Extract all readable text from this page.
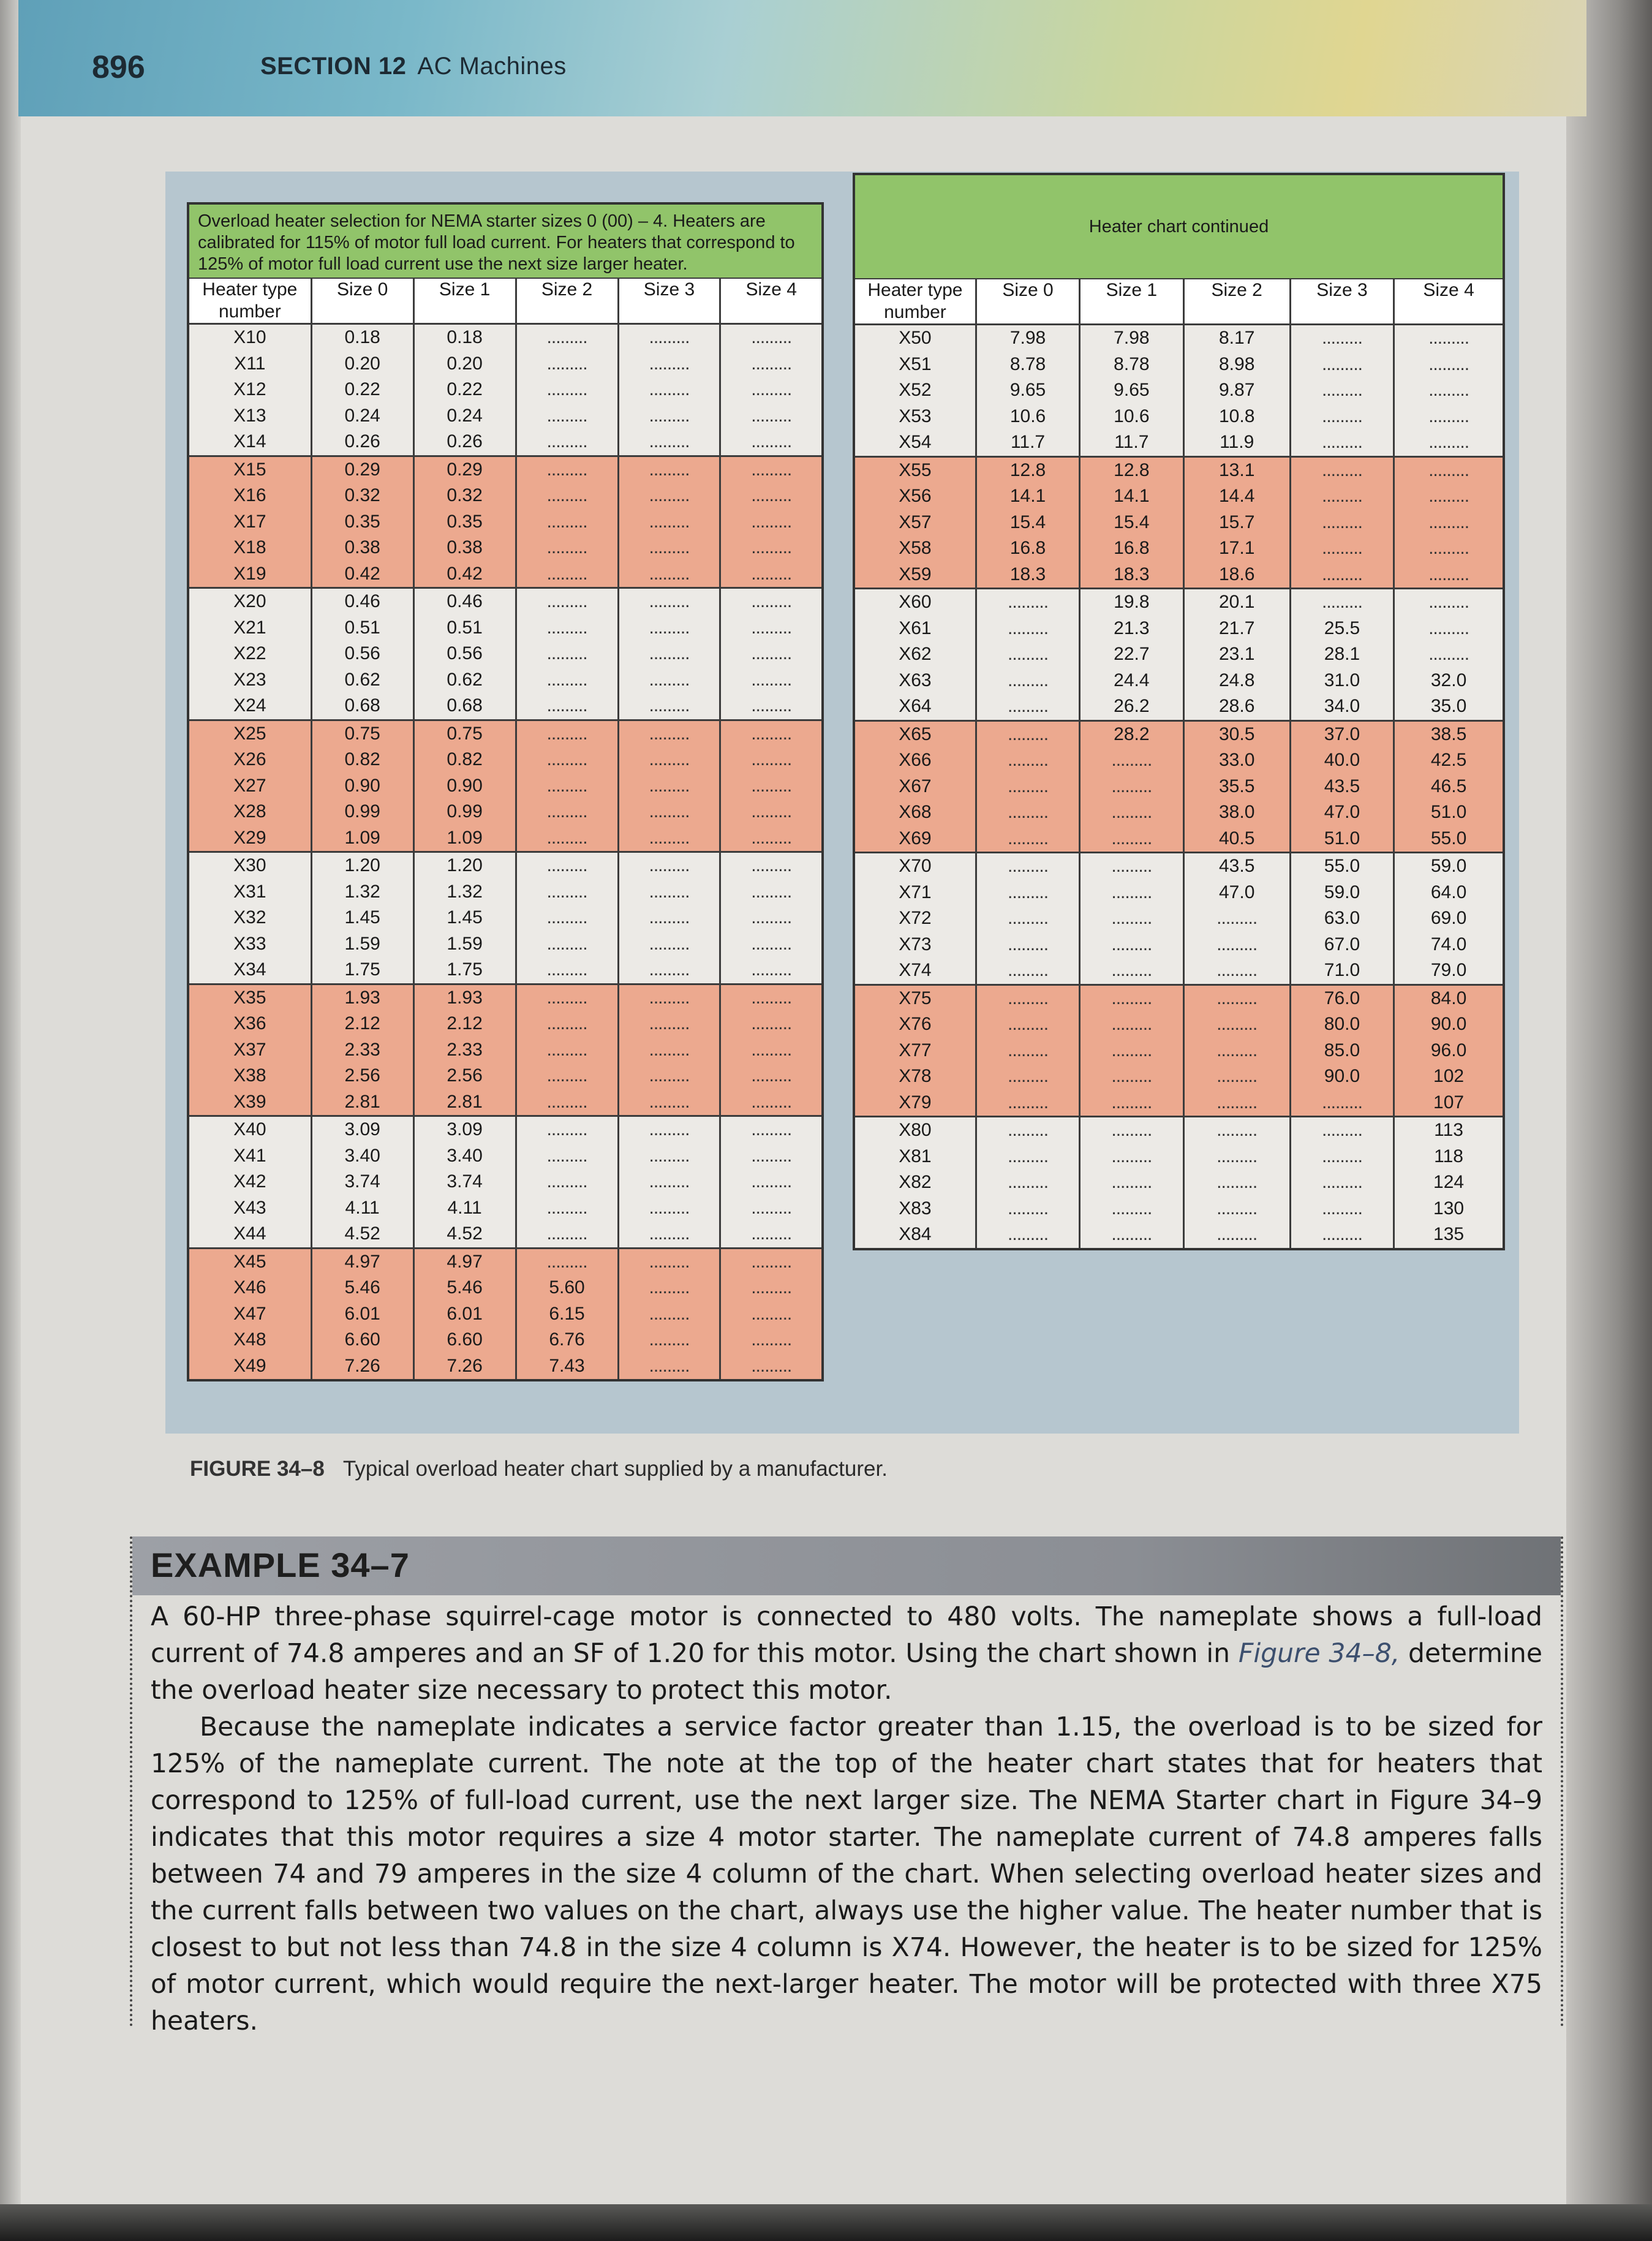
896	SECTION 12 AC Machines
Overload heater selection for NEMA starter sizes 0 (00) – 4. Heaters are calibrated for 115% of motor full load current. For heaters that correspond to 125% of motor full load current use the next size larger heater.					
Heater type number	Size 0	Size 1	Size 2	Size 3	Size 4
X10	0.18	0.18	.........	.........	.........
X11	0.20	0.20	.........	.........	.........
X12	0.22	0.22	.........	.........	.........
X13	0.24	0.24	.........	.........	.........
X14	0.26	0.26	.........	.........	.........
X15	0.29	0.29	.........	.........	.........
X16	0.32	0.32	.........	.........	.........
X17	0.35	0.35	.........	.........	.........
X18	0.38	0.38	.........	.........	.........
X19	0.42	0.42	.........	.........	.........
X20	0.46	0.46	.........	.........	.........
X21	0.51	0.51	.........	.........	.........
X22	0.56	0.56	.........	.........	.........
X23	0.62	0.62	.........	.........	.........
X24	0.68	0.68	.........	.........	.........
X25	0.75	0.75	.........	.........	.........
X26	0.82	0.82	.........	.........	.........
X27	0.90	0.90	.........	.........	.........
X28	0.99	0.99	.........	.........	.........
X29	1.09	1.09	.........	.........	.........
X30	1.20	1.20	.........	.........	.........
X31	1.32	1.32	.........	.........	.........
X32	1.45	1.45	.........	.........	.........
X33	1.59	1.59	.........	.........	.........
X34	1.75	1.75	.........	.........	.........
X35	1.93	1.93	.........	.........	.........
X36	2.12	2.12	.........	.........	.........
X37	2.33	2.33	.........	.........	.........
X38	2.56	2.56	.........	.........	.........
X39	2.81	2.81	.........	.........	.........
X40	3.09	3.09	.........	.........	.........
X41	3.40	3.40	.........	.........	.........
X42	3.74	3.74	.........	.........	.........
X43	4.11	4.11	.........	.........	.........
X44	4.52	4.52	.........	.........	.........
X45	4.97	4.97	.........	.........	.........
X46	5.46	5.46	5.60	.........	.........
X47	6.01	6.01	6.15	.........	.........
X48	6.60	6.60	6.76	.........	.........
X49	7.26	7.26	7.43	.........	.........
Heater chart continued					
Heater type number	Size 0	Size 1	Size 2	Size 3	Size 4
X50	7.98	7.98	8.17	.........	.........
X51	8.78	8.78	8.98	.........	.........
X52	9.65	9.65	9.87	.........	.........
X53	10.6	10.6	10.8	.........	.........
X54	11.7	11.7	11.9	.........	.........
X55	12.8	12.8	13.1	.........	.........
X56	14.1	14.1	14.4	.........	.........
X57	15.4	15.4	15.7	.........	.........
X58	16.8	16.8	17.1	.........	.........
X59	18.3	18.3	18.6	.........	.........
X60	.........	19.8	20.1	.........	.........
X61	.........	21.3	21.7	25.5	.........
X62	.........	22.7	23.1	28.1	.........
X63	.........	24.4	24.8	31.0	32.0
X64	.........	26.2	28.6	34.0	35.0
X65	.........	28.2	30.5	37.0	38.5
X66	.........	.........	33.0	40.0	42.5
X67	.........	.........	35.5	43.5	46.5
X68	.........	.........	38.0	47.0	51.0
X69	.........	.........	40.5	51.0	55.0
X70	.........	.........	43.5	55.0	59.0
X71	.........	.........	47.0	59.0	64.0
X72	.........	.........	.........	63.0	69.0
X73	.........	.........	.........	67.0	74.0
X74	.........	.........	.........	71.0	79.0
X75	.........	.........	.........	76.0	84.0
X76	.........	.........	.........	80.0	90.0
X77	.........	.........	.........	85.0	96.0
X78	.........	.........	.........	90.0	102
X79	.........	.........	.........	.........	107
X80	.........	.........	.........	.........	113
X81	.........	.........	.........	.........	118
X82	.........	.........	.........	.........	124
X83	.........	.........	.........	.........	130
X84	.........	.........	.........	.........	135
FIGURE 34–8 Typical overload heater chart supplied by a manufacturer.
EXAMPLE 34–7

A 60-HP three-phase squirrel-cage motor is connected to 480 volts. The nameplate shows a full-load current of 74.8 amperes and an SF of 1.20 for this motor. Using the chart shown in Figure 34–8, determine the overload heater size necessary to protect this motor.

Because the nameplate indicates a service factor greater than 1.15, the overload is to be sized for 125% of the nameplate current. The note at the top of the heater chart states that for heaters that correspond to 125% of full-load current, use the next larger size. The NEMA Starter chart in Figure 34–9 indicates that this motor requires a size 4 motor starter. The nameplate current of 74.8 amperes falls between 74 and 79 amperes in the size 4 column of the chart. When selecting overload heater sizes and the current falls between two values on the chart, always use the higher value. The heater number that is closest to but not less than 74.8 in the size 4 column is X74. However, the heater is to be sized for 125% of motor current, which would require the next-larger heater. The motor will be protected with three X75 heaters.
